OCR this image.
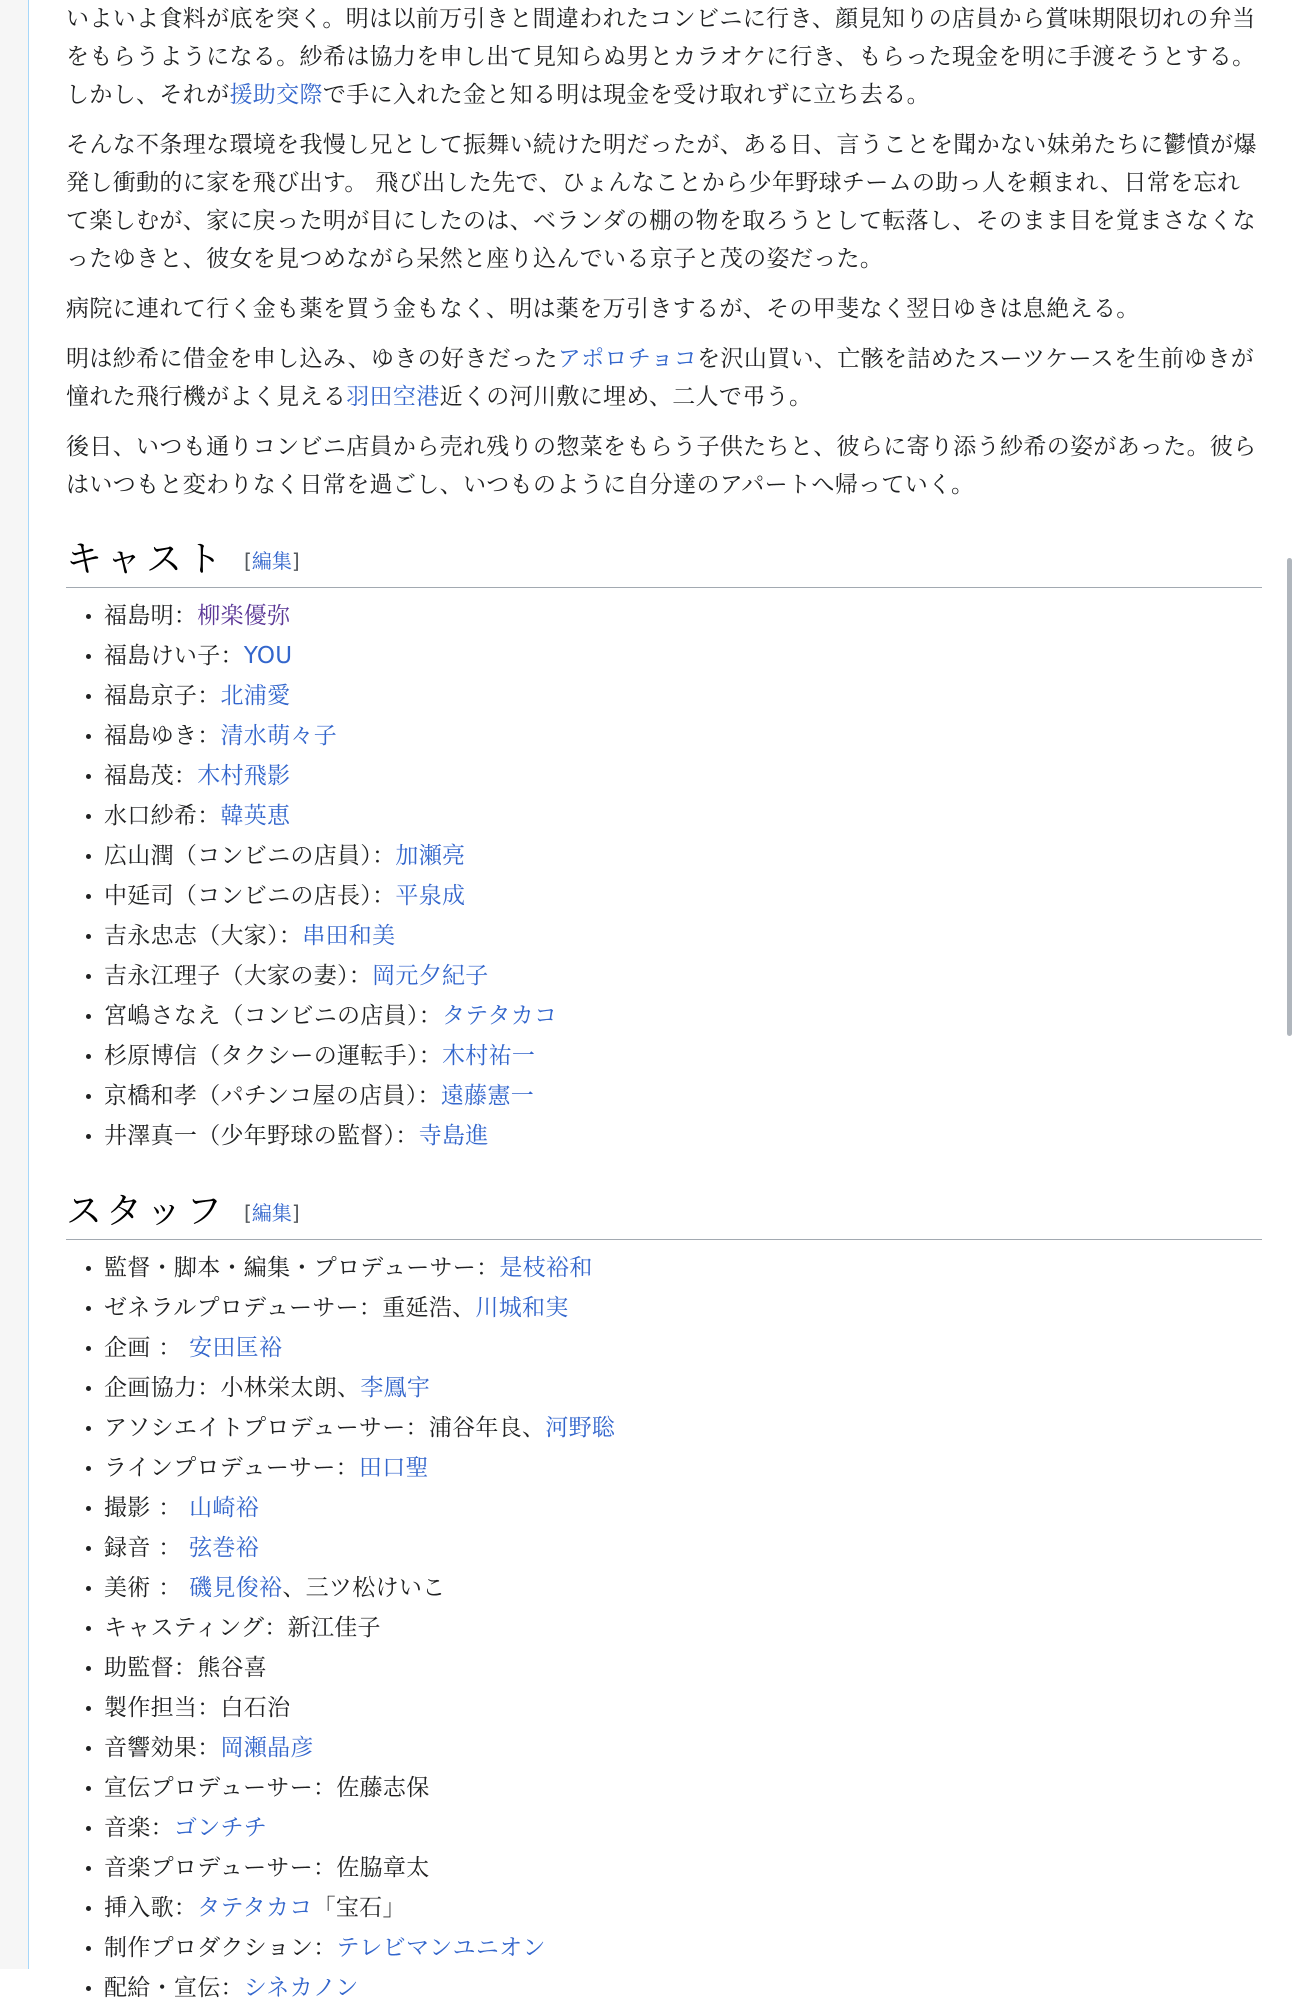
いよいよ食料が底を突く。明は以前万引きと間違われたコンビニに行き、顔見知りの店員から賞味期限切れの弁当をもらうようになる。紗希は協力を申し出て見知らぬ男とカラオケに行き、もらった現金を明に手渡そうとする。しかし、それが援助交際で手に入れた金と知る明は現金を受け取れずに立ち去る。

そんな不条理な環境を我慢し兄として振舞い続けた明だったが、ある日、言うことを聞かない妹弟たちに鬱憤が爆発し衝動的に家を飛び出す。 飛び出した先で、ひょんなことから少年野球チームの助っ人を頼まれ、日常を忘れて楽しむが、家に戻った明が目にしたのは、ベランダの棚の物を取ろうとして転落し、そのまま目を覚まさなくなったゆきと、彼女を見つめながら呆然と座り込んでいる京子と茂の姿だった。

病院に連れて行く金も薬を買う金もなく、明は薬を万引きするが、その甲斐なく翌日ゆきは息絶える。

明は紗希に借金を申し込み、ゆきの好きだったアポロチョコを沢山買い、亡骸を詰めたスーツケースを生前ゆきが憧れた飛行機がよく見える羽田空港近くの河川敷に埋め、二人で弔う。

後日、いつも通りコンビニ店員から売れ残りの惣菜をもらう子供たちと、彼らに寄り添う紗希の姿があった。彼らはいつもと変わりなく日常を過ごし、いつものように自分達のアパートへ帰っていく。

キャスト [編集]
福島明：柳楽優弥
福島けい子：YOU
福島京子：北浦愛
福島ゆき：清水萌々子
福島茂：木村飛影
水口紗希：韓英恵
広山潤（コンビニの店員）：加瀬亮
中延司（コンビニの店長）：平泉成
吉永忠志（大家）：串田和美
吉永江理子（大家の妻）：岡元夕紀子
宮嶋さなえ（コンビニの店員）：タテタカコ
杉原博信（タクシーの運転手）：木村祐一
京橋和孝（パチンコ屋の店員）：遠藤憲一
井澤真一（少年野球の監督）：寺島進
スタッフ [編集]
監督・脚本・編集・プロデューサー：是枝裕和
ゼネラルプロデューサー：重延浩、川城和実
企画 ： 安田匡裕
企画協力：小林栄太朗、李鳳宇
アソシエイトプロデューサー：浦谷年良、河野聡
ラインプロデューサー：田口聖
撮影 ： 山崎裕
録音 ： 弦巻裕
美術 ： 磯見俊裕、三ツ松けいこ
キャスティング：新江佳子
助監督：熊谷喜
製作担当：白石治
音響効果：岡瀬晶彦
宣伝プロデューサー：佐藤志保
音楽：ゴンチチ
音楽プロデューサー：佐脇章太
挿入歌：タテタカコ「宝石」
制作プロダクション：テレビマンユニオン
配給・宣伝：シネカノン
